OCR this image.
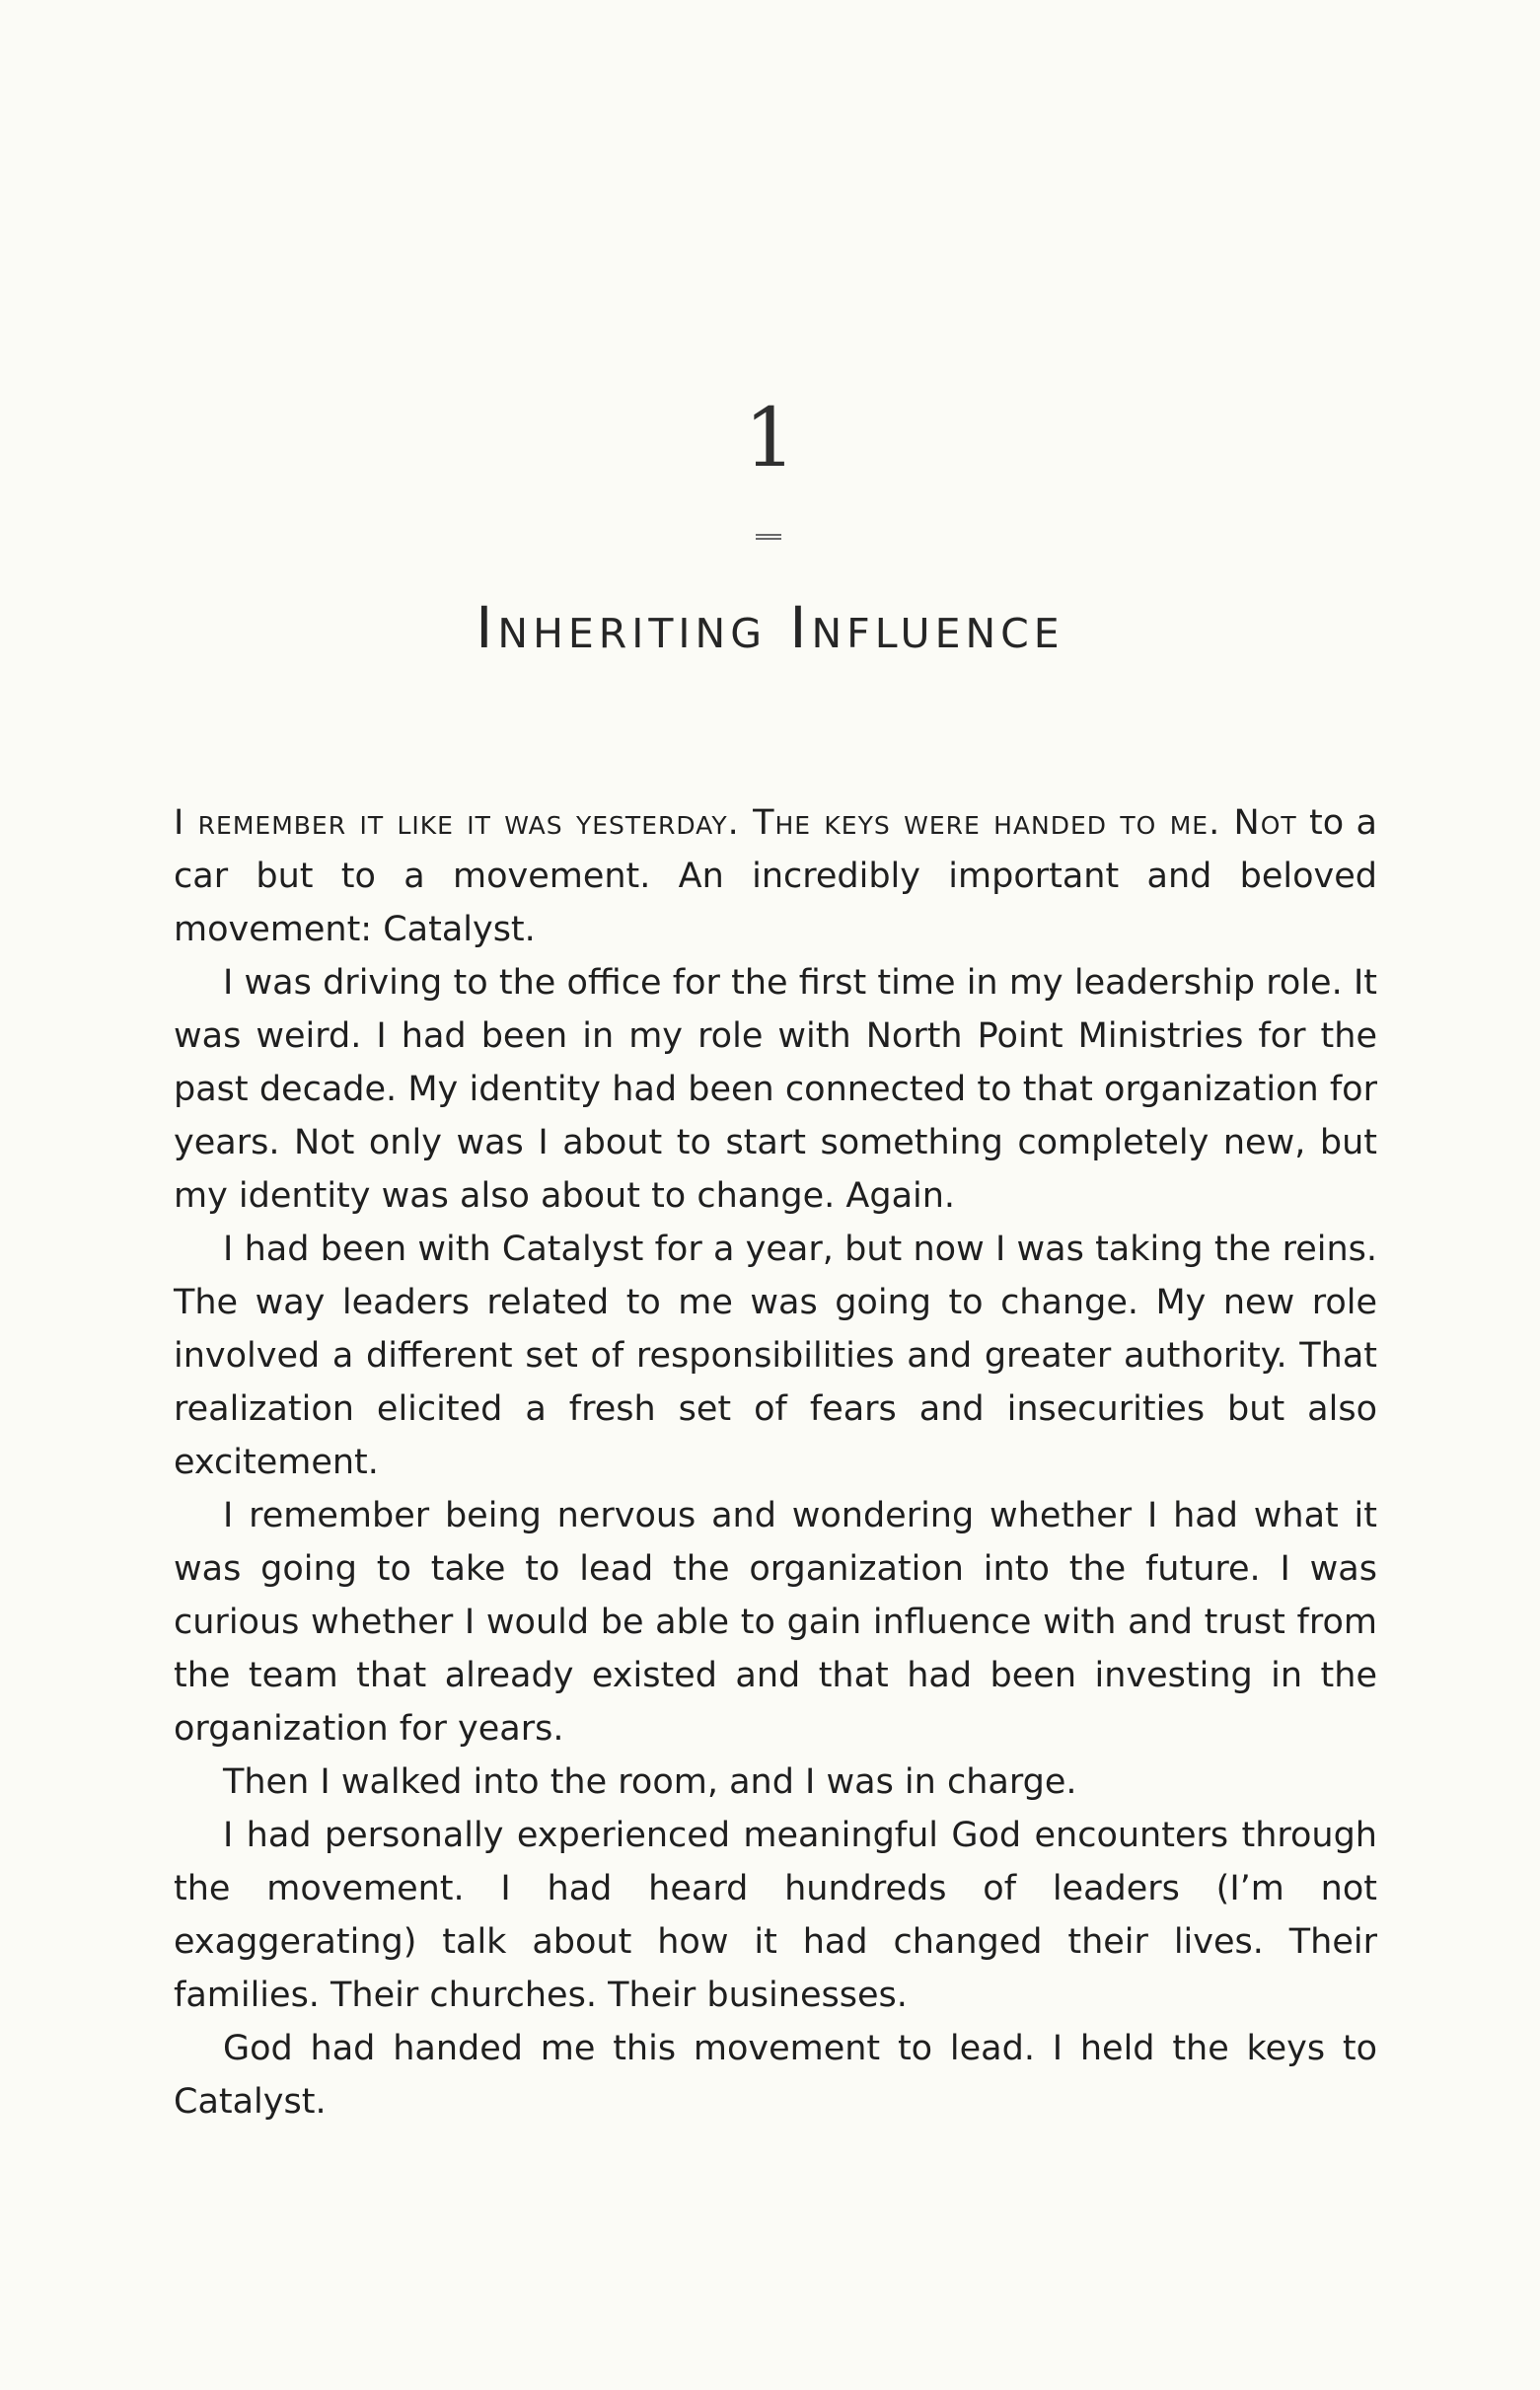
1
Inheriting Influence

I remember it like it was yesterday. The keys were handed to me. Not to a car but to a movement. An incredibly important and beloved movement: Catalyst.

I was driving to the office for the first time in my leadership role. It was weird. I had been in my role with North Point Ministries for the past decade. My identity had been connected to that organization for years. Not only was I about to start something completely new, but my identity was also about to change. Again.

I had been with Catalyst for a year, but now I was taking the reins. The way leaders related to me was going to change. My new role involved a different set of responsibilities and greater authority. That realization elicited a fresh set of fears and insecurities but also excitement.

I remember being nervous and wondering whether I had what it was going to take to lead the organization into the future. I was curious whether I would be able to gain influence with and trust from the team that already existed and that had been investing in the organization for years.

Then I walked into the room, and I was in charge.

I had personally experienced meaningful God encounters through the movement. I had heard hundreds of leaders (I’m not exaggerating) talk about how it had changed their lives. Their families. Their churches. Their businesses.

God had handed me this movement to lead. I held the keys to Catalyst.
